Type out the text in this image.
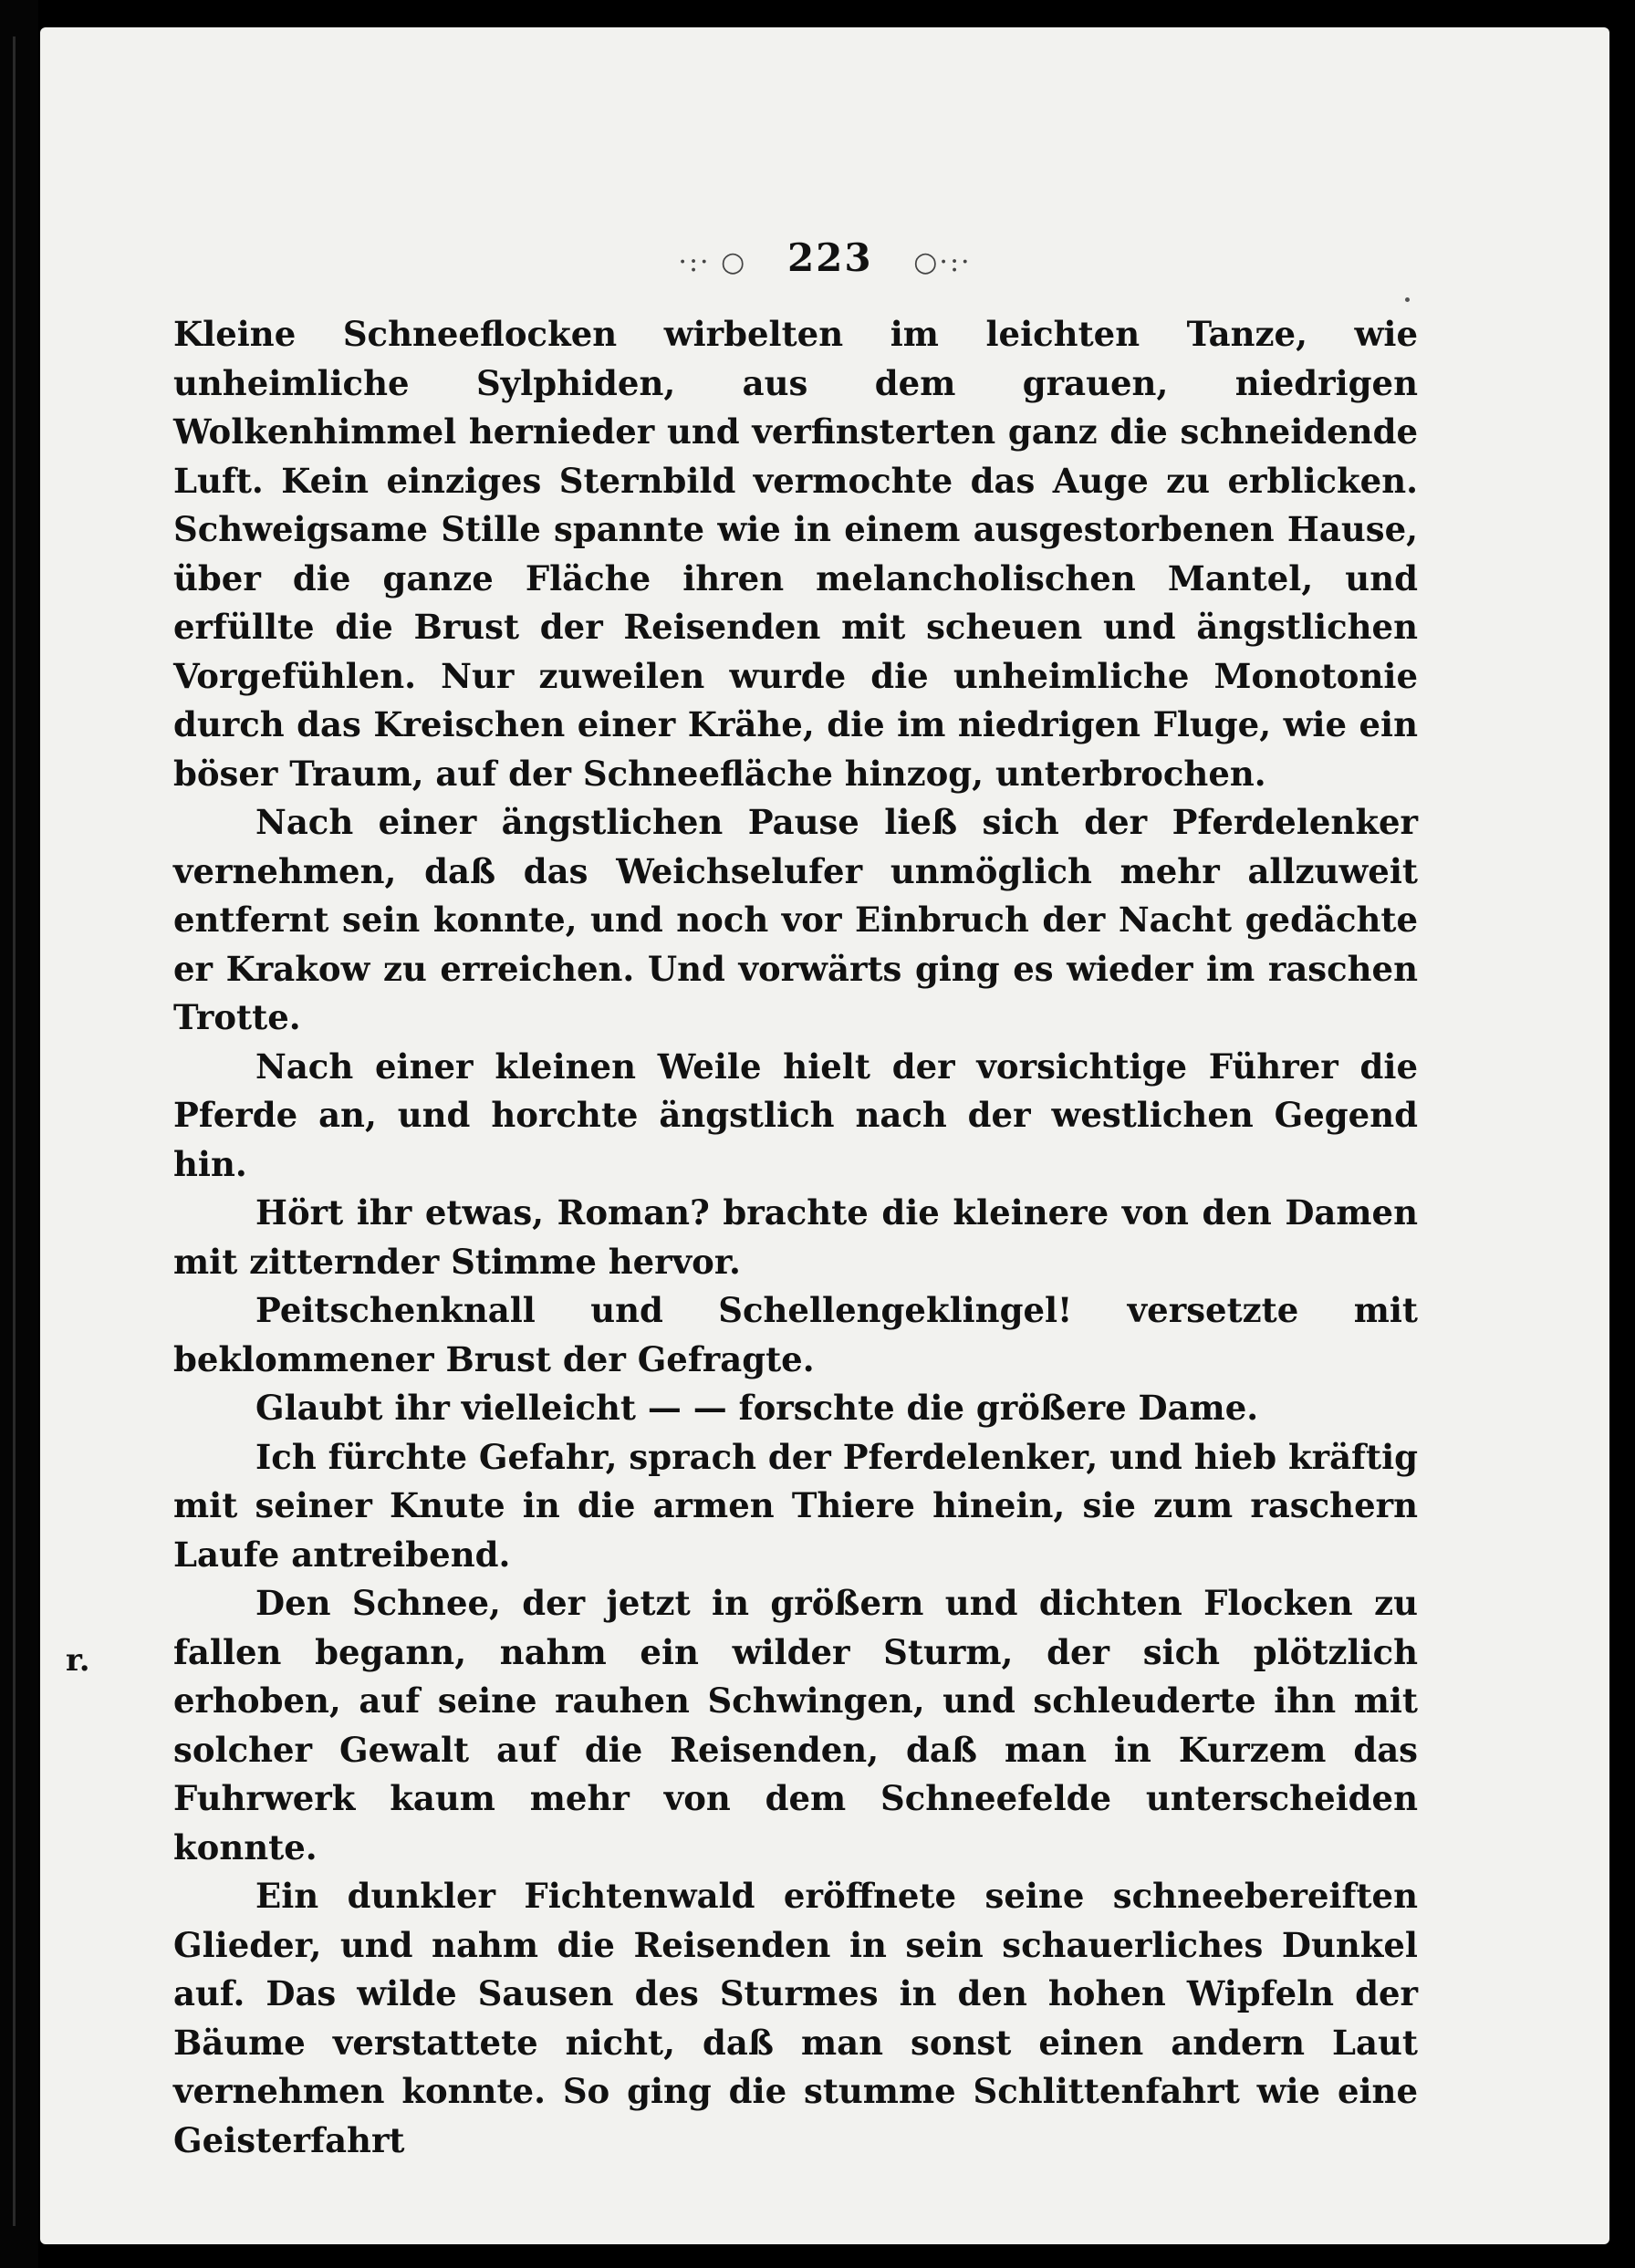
·:· ○ 223 ○·:·

Kleine Schneeflocken wirbelten im leichten Tanze, wie unheimliche Sylphiden, aus dem grauen, niedrigen Wolkenhimmel hernieder und verfinsterten ganz die schneidende Luft. Kein einziges Sternbild vermochte das Auge zu erblicken. Schweigsame Stille spannte wie in einem ausgestorbenen Hause, über die ganze Fläche ihren melancholischen Mantel, und erfüllte die Brust der Reisenden mit scheuen und ängstlichen Vorgefühlen. Nur zuweilen wurde die unheimliche Monotonie durch das Kreischen einer Krähe, die im niedrigen Fluge, wie ein böser Traum, auf der Schneefläche hinzog, unterbrochen.

Nach einer ängstlichen Pause ließ sich der Pferdelenker vernehmen, daß das Weichselufer unmöglich mehr allzuweit entfernt sein konnte, und noch vor Einbruch der Nacht gedächte er Krakow zu erreichen. Und vorwärts ging es wieder im raschen Trotte.

Nach einer kleinen Weile hielt der vorsichtige Führer die Pferde an, und horchte ängstlich nach der westlichen Gegend hin.

Hört ihr etwas, Roman? brachte die kleinere von den Damen mit zitternder Stimme hervor.

Peitschenknall und Schellengeklingel! versetzte mit beklommener Brust der Gefragte.

Glaubt ihr vielleicht — — forschte die größere Dame.

Ich fürchte Gefahr, sprach der Pferdelenker, und hieb kräftig mit seiner Knute in die armen Thiere hinein, sie zum raschern Laufe antreibend.

Den Schnee, der jetzt in größern und dichten Flocken zu fallen begann, nahm ein wilder Sturm, der sich plötzlich erhoben, auf seine rauhen Schwingen, und schleuderte ihn mit solcher Gewalt auf die Reisenden, daß man in Kurzem das Fuhrwerk kaum mehr von dem Schneefelde unterscheiden konnte.

Ein dunkler Fichtenwald eröffnete seine schneebereiften Glieder, und nahm die Reisenden in sein schauerliches Dunkel auf. Das wilde Sausen des Sturmes in den hohen Wipfeln der Bäume verstattete nicht, daß man sonst einen andern Laut vernehmen konnte. So ging die stumme Schlittenfahrt wie eine Geisterfahrt

r.
